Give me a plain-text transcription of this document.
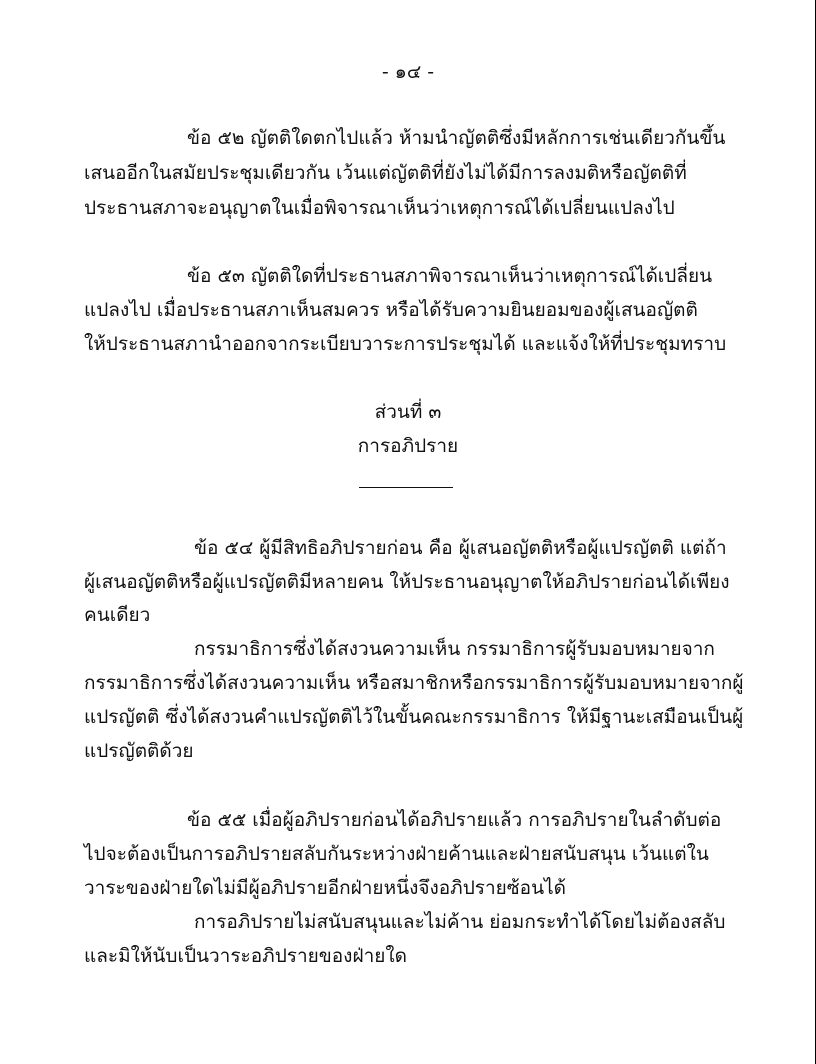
- ๑๔ -
ข้อ ๕๒ ญัตติใดตกไปแล้ว ห้ามนำญัตติซึ่งมีหลักการเช่นเดียวกันขึ้น
เสนออีกในสมัยประชุมเดียวกัน เว้นแต่ญัตติที่ยังไม่ได้มีการลงมติหรือญัตติที่
ประธานสภาจะอนุญาตในเมื่อพิจารณาเห็นว่าเหตุการณ์ได้เปลี่ยนแปลงไป
ข้อ ๕๓ ญัตติใดที่ประธานสภาพิจารณาเห็นว่าเหตุการณ์ได้เปลี่ยน
แปลงไป เมื่อประธานสภาเห็นสมควร หรือได้รับความยินยอมของผู้เสนอญัตติ
ให้ประธานสภานำออกจากระเบียบวาระการประชุมได้ และแจ้งให้ที่ประชุมทราบ
ส่วนที่ ๓
การอภิปราย
ข้อ ๕๔ ผู้มีสิทธิอภิปรายก่อน คือ ผู้เสนอญัตติหรือผู้แปรญัตติ แต่ถ้า
ผู้เสนอญัตติหรือผู้แปรญัตติมีหลายคน ให้ประธานอนุญาตให้อภิปรายก่อนได้เพียง
คนเดียว
กรรมาธิการซึ่งได้สงวนความเห็น กรรมาธิการผู้รับมอบหมายจาก
กรรมาธิการซึ่งได้สงวนความเห็น หรือสมาชิกหรือกรรมาธิการผู้รับมอบหมายจากผู้
แปรญัตติ ซึ่งได้สงวนคำแปรญัตติไว้ในขั้นคณะกรรมาธิการ ให้มีฐานะเสมือนเป็นผู้
แปรญัตติด้วย
ข้อ ๕๕ เมื่อผู้อภิปรายก่อนได้อภิปรายแล้ว การอภิปรายในลำดับต่อ
ไปจะต้องเป็นการอภิปรายสลับกันระหว่างฝ่ายค้านและฝ่ายสนับสนุน เว้นแต่ใน
วาระของฝ่ายใดไม่มีผู้อภิปรายอีกฝ่ายหนึ่งจึงอภิปรายซ้อนได้
การอภิปรายไม่สนับสนุนและไม่ค้าน ย่อมกระทำได้โดยไม่ต้องสลับ
และมิให้นับเป็นวาระอภิปรายของฝ่ายใด
